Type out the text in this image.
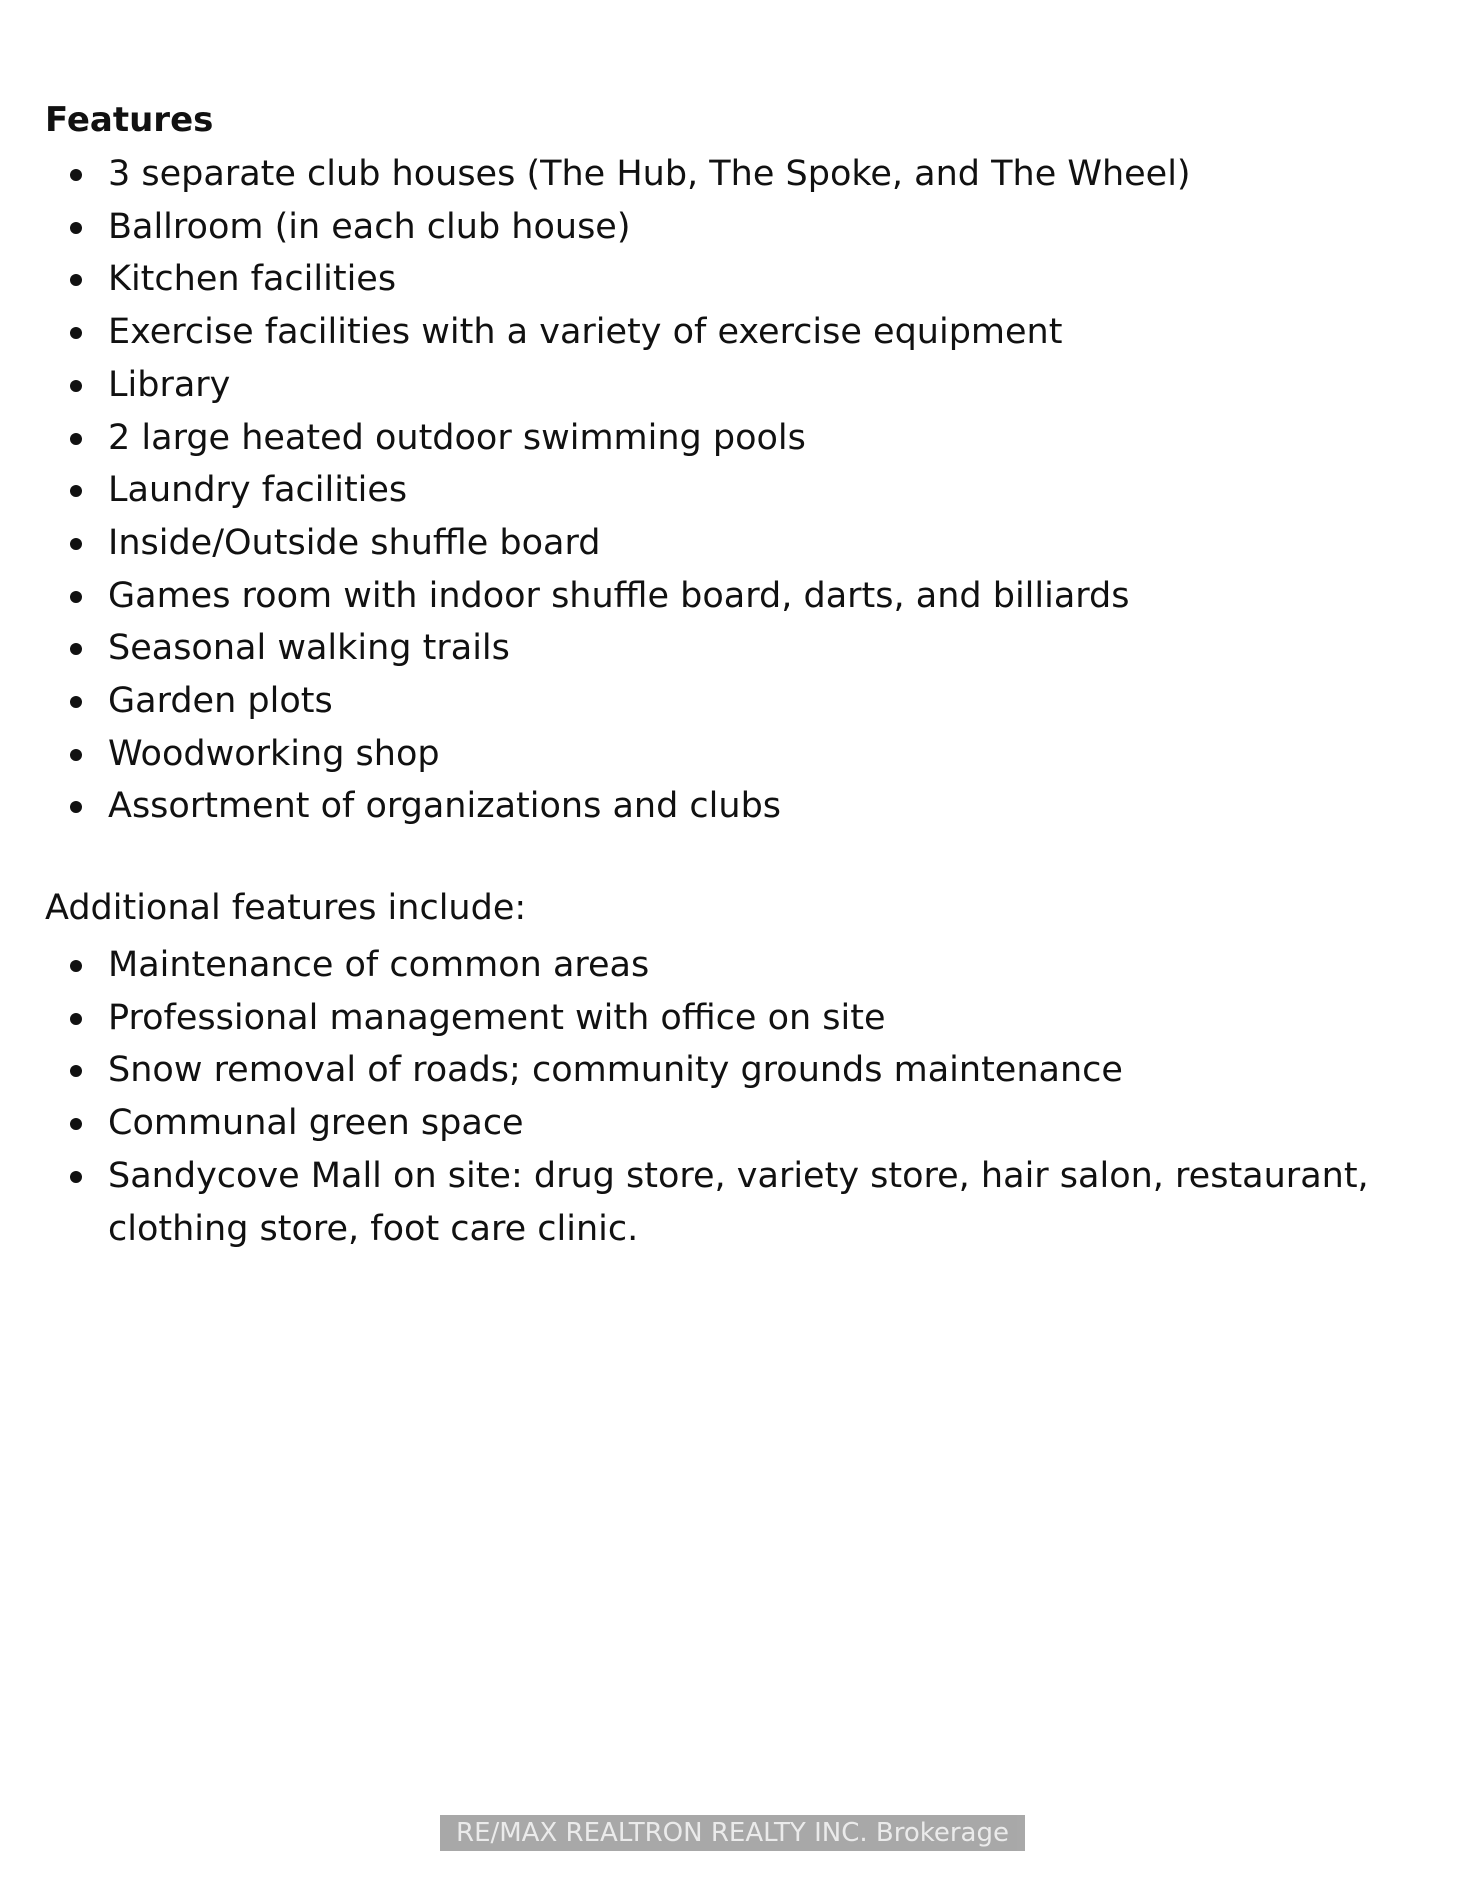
Features
3 separate club houses (The Hub, The Spoke, and The Wheel)
Ballroom (in each club house)
Kitchen facilities
Exercise facilities with a variety of exercise equipment
Library
2 large heated outdoor swimming pools
Laundry facilities
Inside/Outside shuffle board
Games room with indoor shuffle board, darts, and billiards
Seasonal walking trails
Garden plots
Woodworking shop
Assortment of organizations and clubs

Additional features include:

Maintenance of common areas
Professional management with office on site
Snow removal of roads; community grounds maintenance
Communal green space
Sandycove Mall on site: drug store, variety store, hair salon, restaurant, clothing store, foot care clinic.
RE/MAX REALTRON REALTY INC. Brokerage
